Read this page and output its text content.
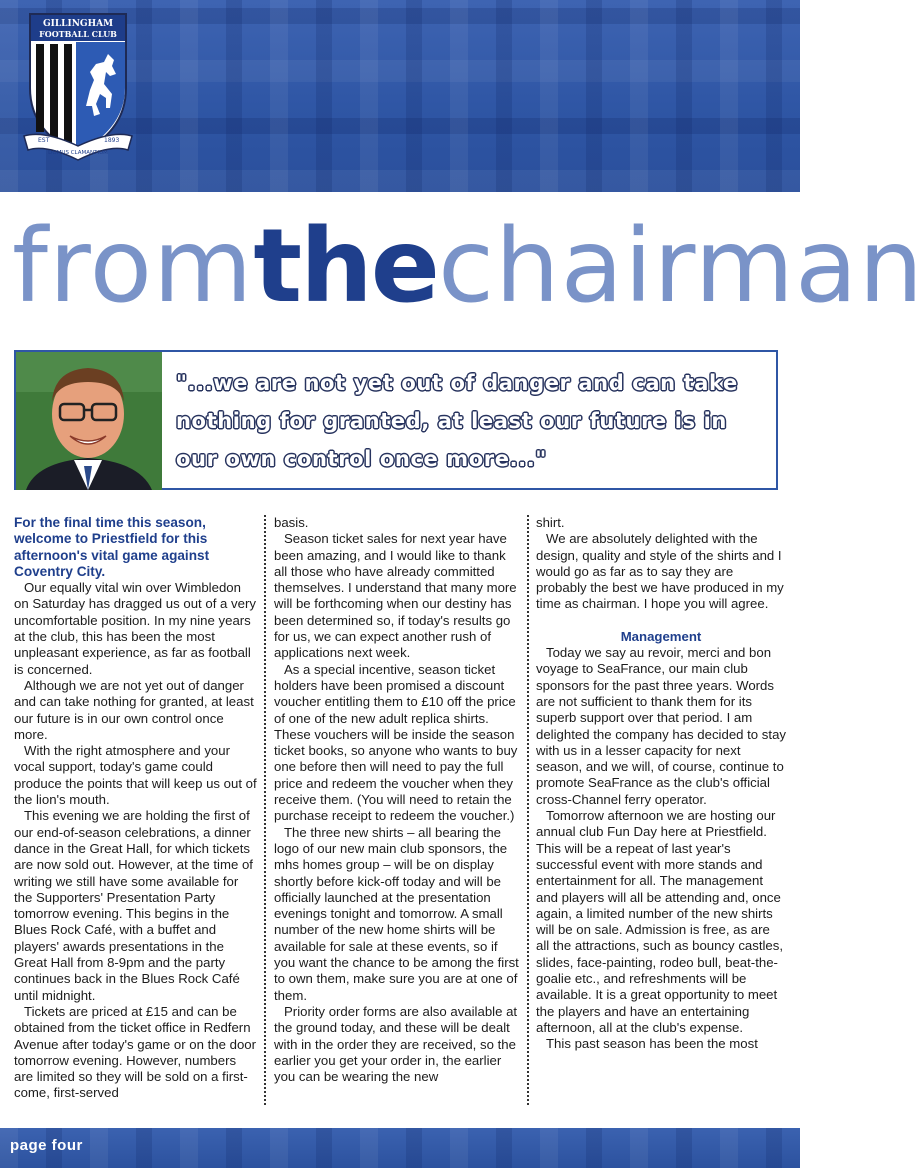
GILLINGHAM
FOOTBALL CLUB
EST	1893
DOMUS CLAMANTIUM
fromthechairman
"...we are not yet out of danger and can take nothing for granted, at least our future is in our own control once more..."

For the final time this season, welcome to Priestfield for this afternoon's vital game against Coventry City.

Our equally vital win over Wimbledon on Saturday has dragged us out of a very uncomfortable position. In my nine years at the club, this has been the most unpleasant experience, as far as football is concerned.

Although we are not yet out of danger and can take nothing for granted, at least our future is in our own control once more.

With the right atmosphere and your vocal support, today's game could produce the points that will keep us out of the lion's mouth.

This evening we are holding the first of our end-of-season celebrations, a dinner dance in the Great Hall, for which tickets are now sold out. However, at the time of writing we still have some available for the Supporters' Presentation Party tomorrow evening. This begins in the Blues Rock Café, with a buffet and players' awards presentations in the Great Hall from 8-9pm and the party continues back in the Blues Rock Café until midnight.

Tickets are priced at £15 and can be obtained from the ticket office in Redfern Avenue after today's game or on the door tomorrow evening. However, numbers are limited so they will be sold on a first-come, first-served

basis.

Season ticket sales for next year have been amazing, and I would like to thank all those who have already committed themselves. I understand that many more will be forthcoming when our destiny has been determined so, if today's results go for us, we can expect another rush of applications next week.

As a special incentive, season ticket holders have been promised a discount voucher entitling them to £10 off the price of one of the new adult replica shirts. These vouchers will be inside the season ticket books, so anyone who wants to buy one before then will need to pay the full price and redeem the voucher when they receive them. (You will need to retain the purchase receipt to redeem the voucher.)

The three new shirts – all bearing the logo of our new main club sponsors, the mhs homes group – will be on display shortly before kick-off today and will be officially launched at the presentation evenings tonight and tomorrow. A small number of the new home shirts will be available for sale at these events, so if you want the chance to be among the first to own them, make sure you are at one of them.

Priority order forms are also available at the ground today, and these will be dealt with in the order they are received, so the earlier you get your order in, the earlier you can be wearing the new

shirt.

We are absolutely delighted with the design, quality and style of the shirts and I would go as far as to say they are probably the best we have produced in my time as chairman. I hope you will agree.

Management

Today we say au revoir, merci and bon voyage to SeaFrance, our main club sponsors for the past three years. Words are not sufficient to thank them for its superb support over that period. I am delighted the company has decided to stay with us in a lesser capacity for next season, and we will, of course, continue to promote SeaFrance as the club's official cross-Channel ferry operator.

Tomorrow afternoon we are hosting our annual club Fun Day here at Priestfield. This will be a repeat of last year's successful event with more stands and entertainment for all. The management and players will all be attending and, once again, a limited number of the new shirts will be on sale. Admission is free, as are all the attractions, such as bouncy castles, slides, face-painting, rodeo bull, beat-the-goalie etc., and refreshments will be available. It is a great opportunity to meet the players and have an entertaining afternoon, all at the club's expense.

This past season has been the most

page four
